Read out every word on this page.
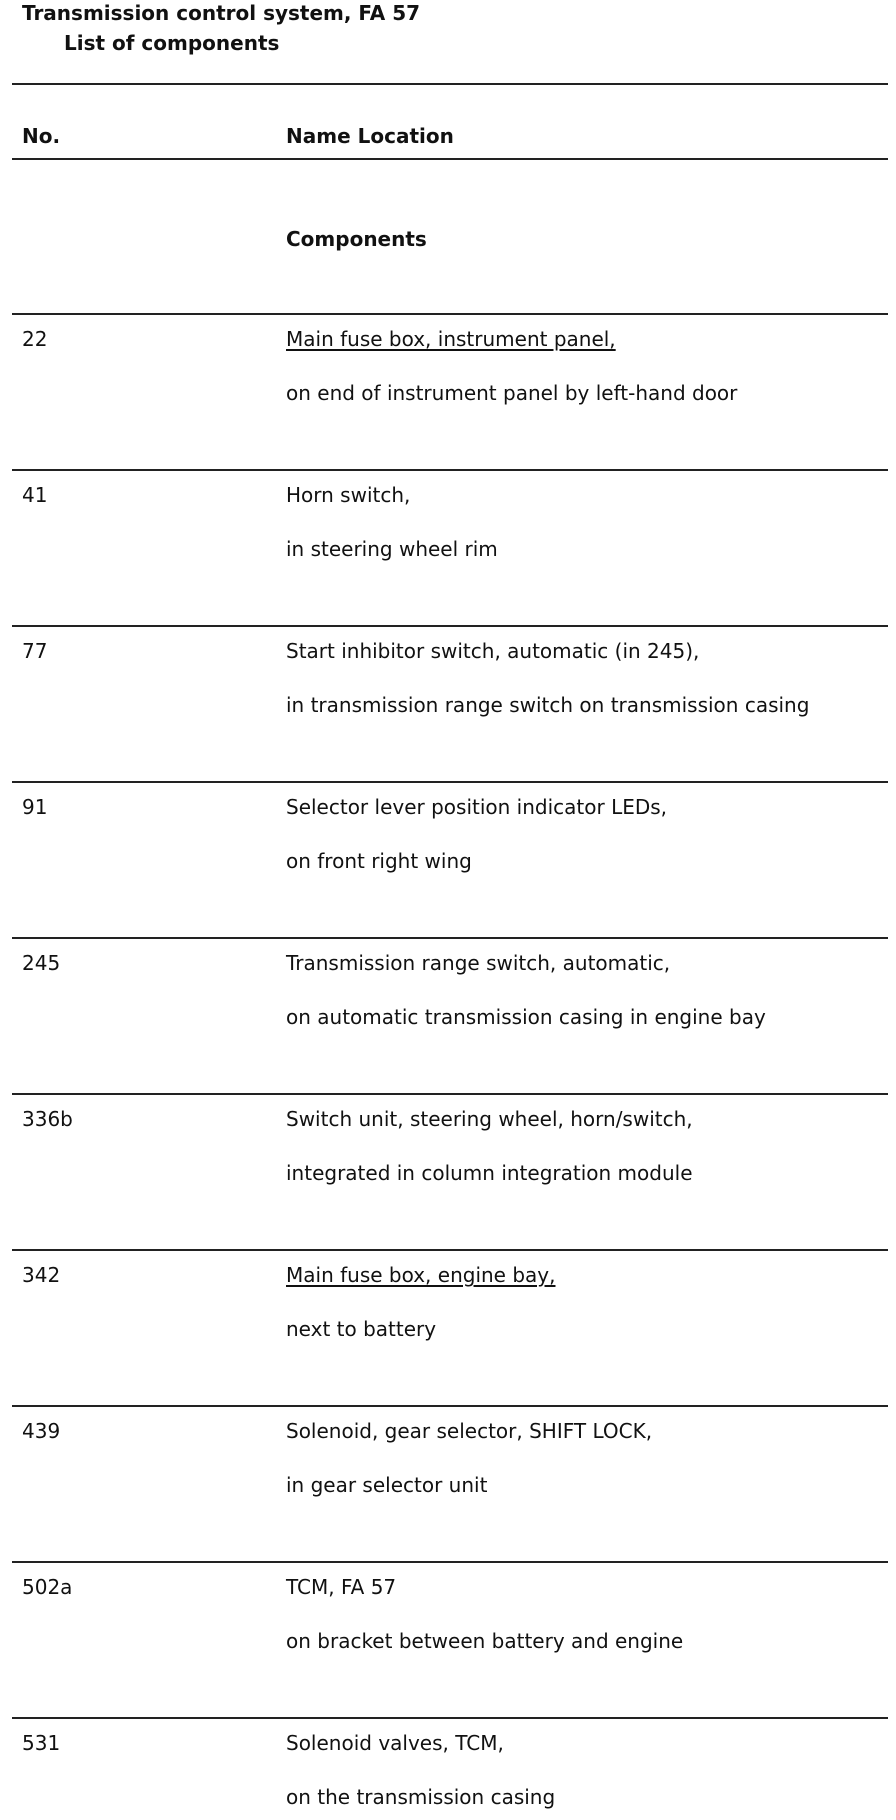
Transmission control system, FA 57
List of components
No.	Name Location
Components
22	Main fuse box, instrument panel,
on end of instrument panel by left-hand door
41	Horn switch,
in steering wheel rim
77	Start inhibitor switch, automatic (in 245),
in transmission range switch on transmission casing
91	Selector lever position indicator LEDs,
on front right wing
245	Transmission range switch, automatic,
on automatic transmission casing in engine bay
336b	Switch unit, steering wheel, horn/switch,
integrated in column integration module
342	Main fuse box, engine bay,
next to battery
439	Solenoid, gear selector, SHIFT LOCK,
in gear selector unit
502a	TCM, FA 57
on bracket between battery and engine
531	Solenoid valves, TCM,
on the transmission casing
